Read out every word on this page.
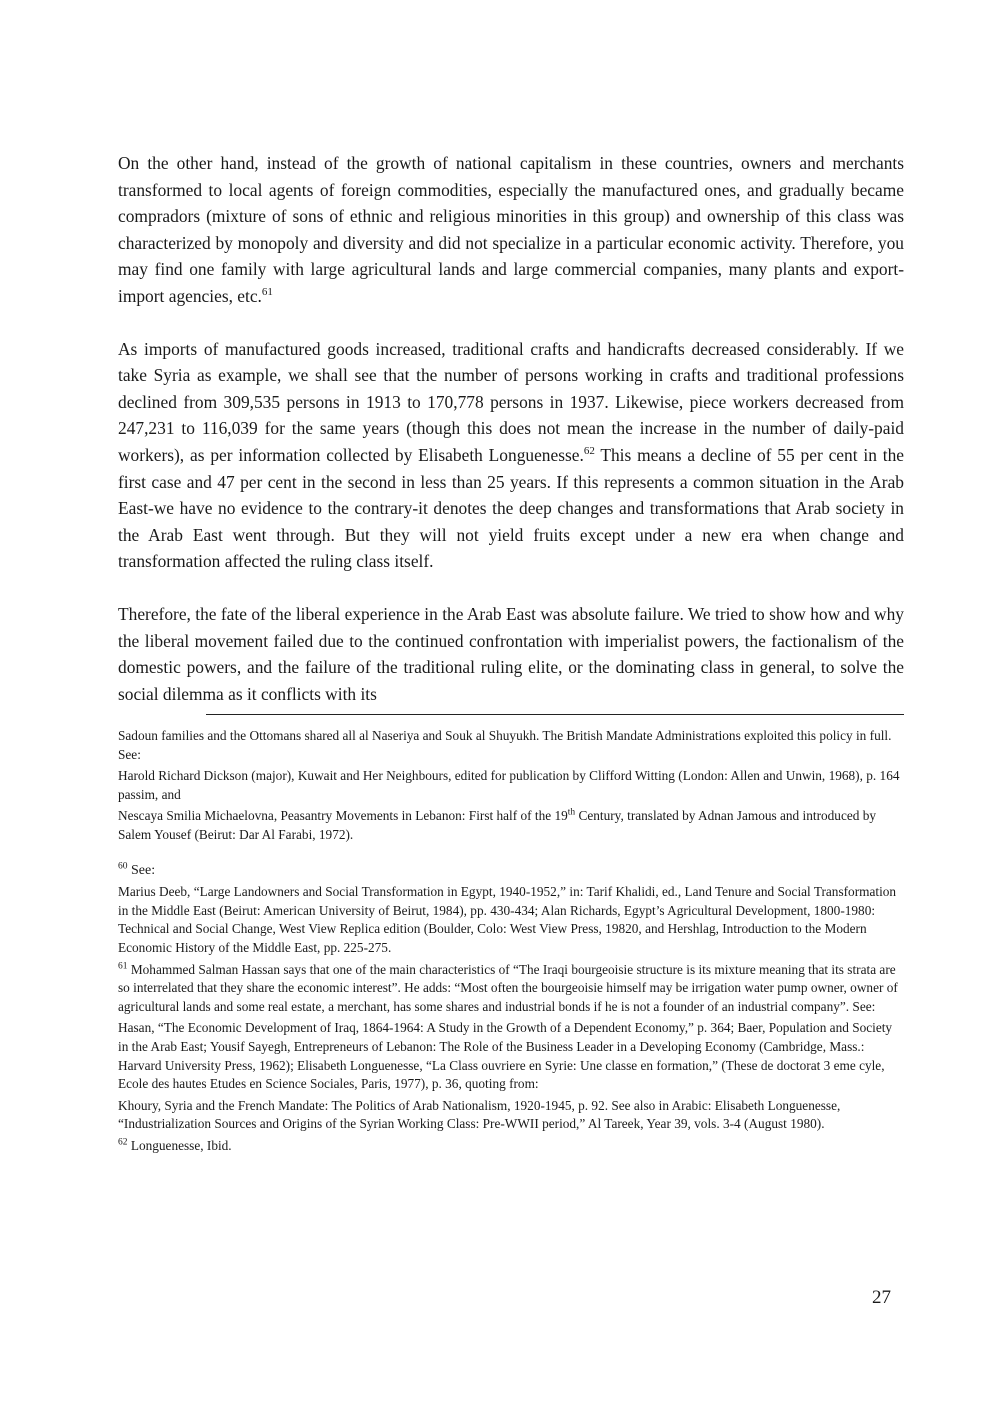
On the other hand, instead of the growth of national capitalism in these countries, owners and merchants transformed to local agents of foreign commodities, especially the manufactured ones, and gradually became compradors (mixture of sons of ethnic and religious minorities in this group) and ownership of this class was characterized by monopoly and diversity and did not specialize in a particular economic activity. Therefore, you may find one family with large agricultural lands and large commercial companies, many plants and export-import agencies, etc.$^{61}$

As imports of manufactured goods increased, traditional crafts and handicrafts decreased considerably. If we take Syria as example, we shall see that the number of persons working in crafts and traditional professions declined from 309,535 persons in 1913 to 170,778 persons in 1937. Likewise, piece workers decreased from 247,231 to 116,039 for the same years (though this does not mean the increase in the number of daily-paid workers), as per information collected by Elisabeth Longuenesse.$^{62}$ This means a decline of 55 per cent in the first case and 47 per cent in the second in less than 25 years. If this represents a common situation in the Arab East-we have no evidence to the contrary-it denotes the deep changes and transformations that Arab society in the Arab East went through. But they will not yield fruits except under a new era when change and transformation affected the ruling class itself.

Therefore, the fate of the liberal experience in the Arab East was absolute failure. We tried to show how and why the liberal movement failed due to the continued confrontation with imperialist powers, the factionalism of the domestic powers, and the failure of the traditional ruling elite, or the dominating class in general, to solve the social dilemma as it conflicts with its

Sadoun families and the Ottomans shared all al Naseriya and Souk al Shuyukh. The British Mandate Administrations exploited this policy in full. See:

Harold Richard Dickson (major), Kuwait and Her Neighbours, edited for publication by Clifford Witting (London: Allen and Unwin, 1968), p. 164 passim, and

Nescaya Smilia Michaelovna, Peasantry Movements in Lebanon: First half of the 19th Century, translated by Adnan Jamous and introduced by Salem Yousef (Beirut: Dar Al Farabi, 1972).

$^{60}$ See:

Marius Deeb, “Large Landowners and Social Transformation in Egypt, 1940-1952,” in: Tarif Khalidi, ed., Land Tenure and Social Transformation in the Middle East (Beirut: American University of Beirut, 1984), pp. 430-434; Alan Richards, Egypt’s Agricultural Development, 1800-1980: Technical and Social Change, West View Replica edition (Boulder, Colo: West View Press, 19820, and Hershlag, Introduction to the Modern Economic History of the Middle East, pp. 225-275.

$^{61}$ Mohammed Salman Hassan says that one of the main characteristics of “The Iraqi bourgeoisie structure is its mixture meaning that its strata are so interrelated that they share the economic interest”. He adds: “Most often the bourgeoisie himself may be irrigation water pump owner, owner of agricultural lands and some real estate, a merchant, has some shares and industrial bonds if he is not a founder of an industrial company”. See:

Hasan, “The Economic Development of Iraq, 1864-1964: A Study in the Growth of a Dependent Economy,” p. 364; Baer, Population and Society in the Arab East; Yousif Sayegh, Entrepreneurs of Lebanon: The Role of the Business Leader in a Developing Economy (Cambridge, Mass.: Harvard University Press, 1962); Elisabeth Longuenesse, “La Class ouvriere en Syrie: Une classe en formation,” (These de doctorat 3 eme cyle, Ecole des hautes Etudes en Science Sociales, Paris, 1977), p. 36, quoting from:

Khoury, Syria and the French Mandate: The Politics of Arab Nationalism, 1920-1945, p. 92. See also in Arabic: Elisabeth Longuenesse, “Industrialization Sources and Origins of the Syrian Working Class: Pre-WWII period,” Al Tareek, Year 39, vols. 3-4 (August 1980).

$^{62}$ Longuenesse, Ibid.

27
